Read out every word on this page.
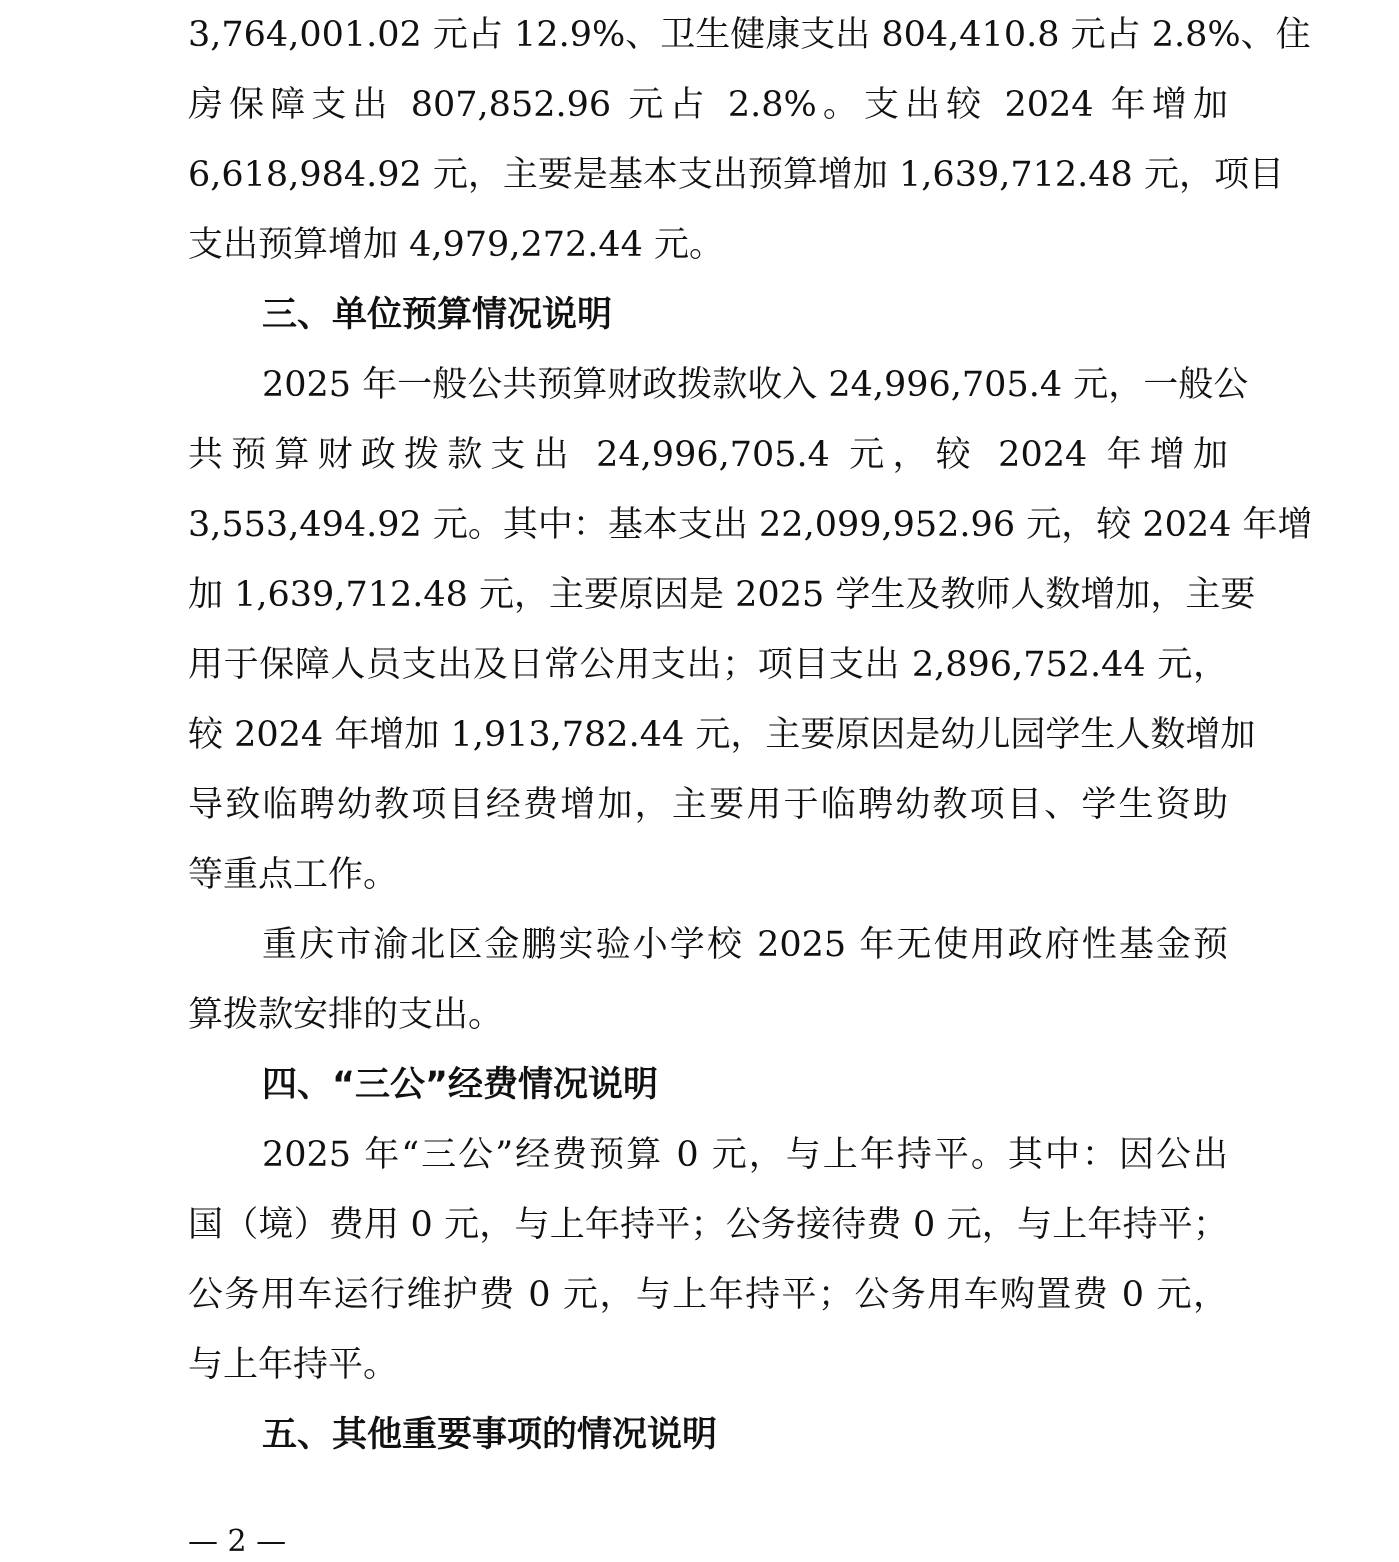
3,764,001.02 元占 12.9%、卫生健康支出 804,410.8 元占 2.8%、住
房保障支出 807,852.96 元占 2.8%。支出较 2024 年增加
6,618,984.92 元，主要是基本支出预算增加 1,639,712.48 元，项目
支出预算增加 4,979,272.44 元。
三、单位预算情况说明
2025 年一般公共预算财政拨款收入 24,996,705.4 元，一般公
共预算财政拨款支出 24,996,705.4 元，较 2024 年增加
3,553,494.92 元。其中：基本支出 22,099,952.96 元，较 2024 年增
加 1,639,712.48 元，主要原因是 2025 学生及教师人数增加，主要
用于保障人员支出及日常公用支出；项目支出 2,896,752.44 元，
较 2024 年增加 1,913,782.44 元，主要原因是幼儿园学生人数增加
导致临聘幼教项目经费增加，主要用于临聘幼教项目、学生资助
等重点工作。
重庆市渝北区金鹏实验小学校 2025 年无使用政府性基金预
算拨款安排的支出。
四、“三公”经费情况说明
2025 年“三公”经费预算 0 元，与上年持平。其中：因公出
国（境）费用 0 元，与上年持平；公务接待费 0 元，与上年持平；
公务用车运行维护费 0 元，与上年持平；公务用车购置费 0 元，
与上年持平。
五、其他重要事项的情况说明
— 2 —
